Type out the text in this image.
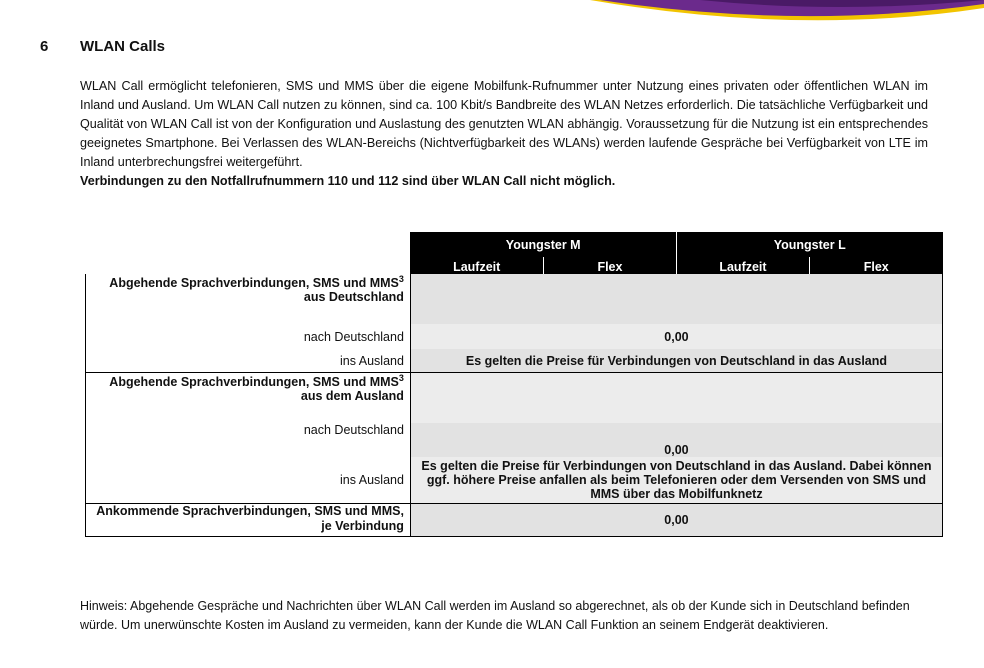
6 WLAN Calls

WLAN Call ermöglicht telefonieren, SMS und MMS über die eigene Mobilfunk-Rufnummer unter Nutzung eines privaten oder öffentlichen WLAN im Inland und Ausland. Um WLAN Call nutzen zu können, sind ca. 100 Kbit/s Bandbreite des WLAN Netzes erforderlich. Die tatsächliche Verfügbarkeit und Qualität von WLAN Call ist von der Konfiguration und Auslastung des genutzten WLAN abhängig. Voraussetzung für die Nutzung ist ein entsprechendes geeignetes Smartphone. Bei Verlassen des WLAN-Bereichs (Nichtverfügbarkeit des WLANs) werden laufende Gespräche bei Verfügbarkeit von LTE im Inland unterbrechungsfrei weitergeführt.
Verbindungen zu den Notfallrufnummern 110 und 112 sind über WLAN Call nicht möglich.

	Youngster M		Youngster L	
	Laufzeit	Flex	Laufzeit	Flex
Abgehende Sprachverbindungen, SMS und MMS$^3$
aus Deutschland				
nach Deutschland	0,00			
ins Ausland	Es gelten die Preise für Verbindungen von Deutschland in das Ausland			
Abgehende Sprachverbindungen, SMS und MMS$^3$
aus dem Ausland				
nach Deutschland	0,00			
ins Ausland	Es gelten die Preise für Verbindungen von Deutschland in das Ausland. Dabei können ggf. höhere Preise anfallen als beim Telefonieren oder dem Versenden von SMS und MMS über das Mobilfunknetz			
Ankommende Sprachverbindungen, SMS und MMS, je Verbindung	0,00			

Hinweis: Abgehende Gespräche und Nachrichten über WLAN Call werden im Ausland so abgerechnet, als ob der Kunde sich in Deutschland befinden würde. Um unerwünschte Kosten im Ausland zu vermeiden, kann der Kunde die WLAN Call Funktion an seinem Endgerät deaktivieren.
